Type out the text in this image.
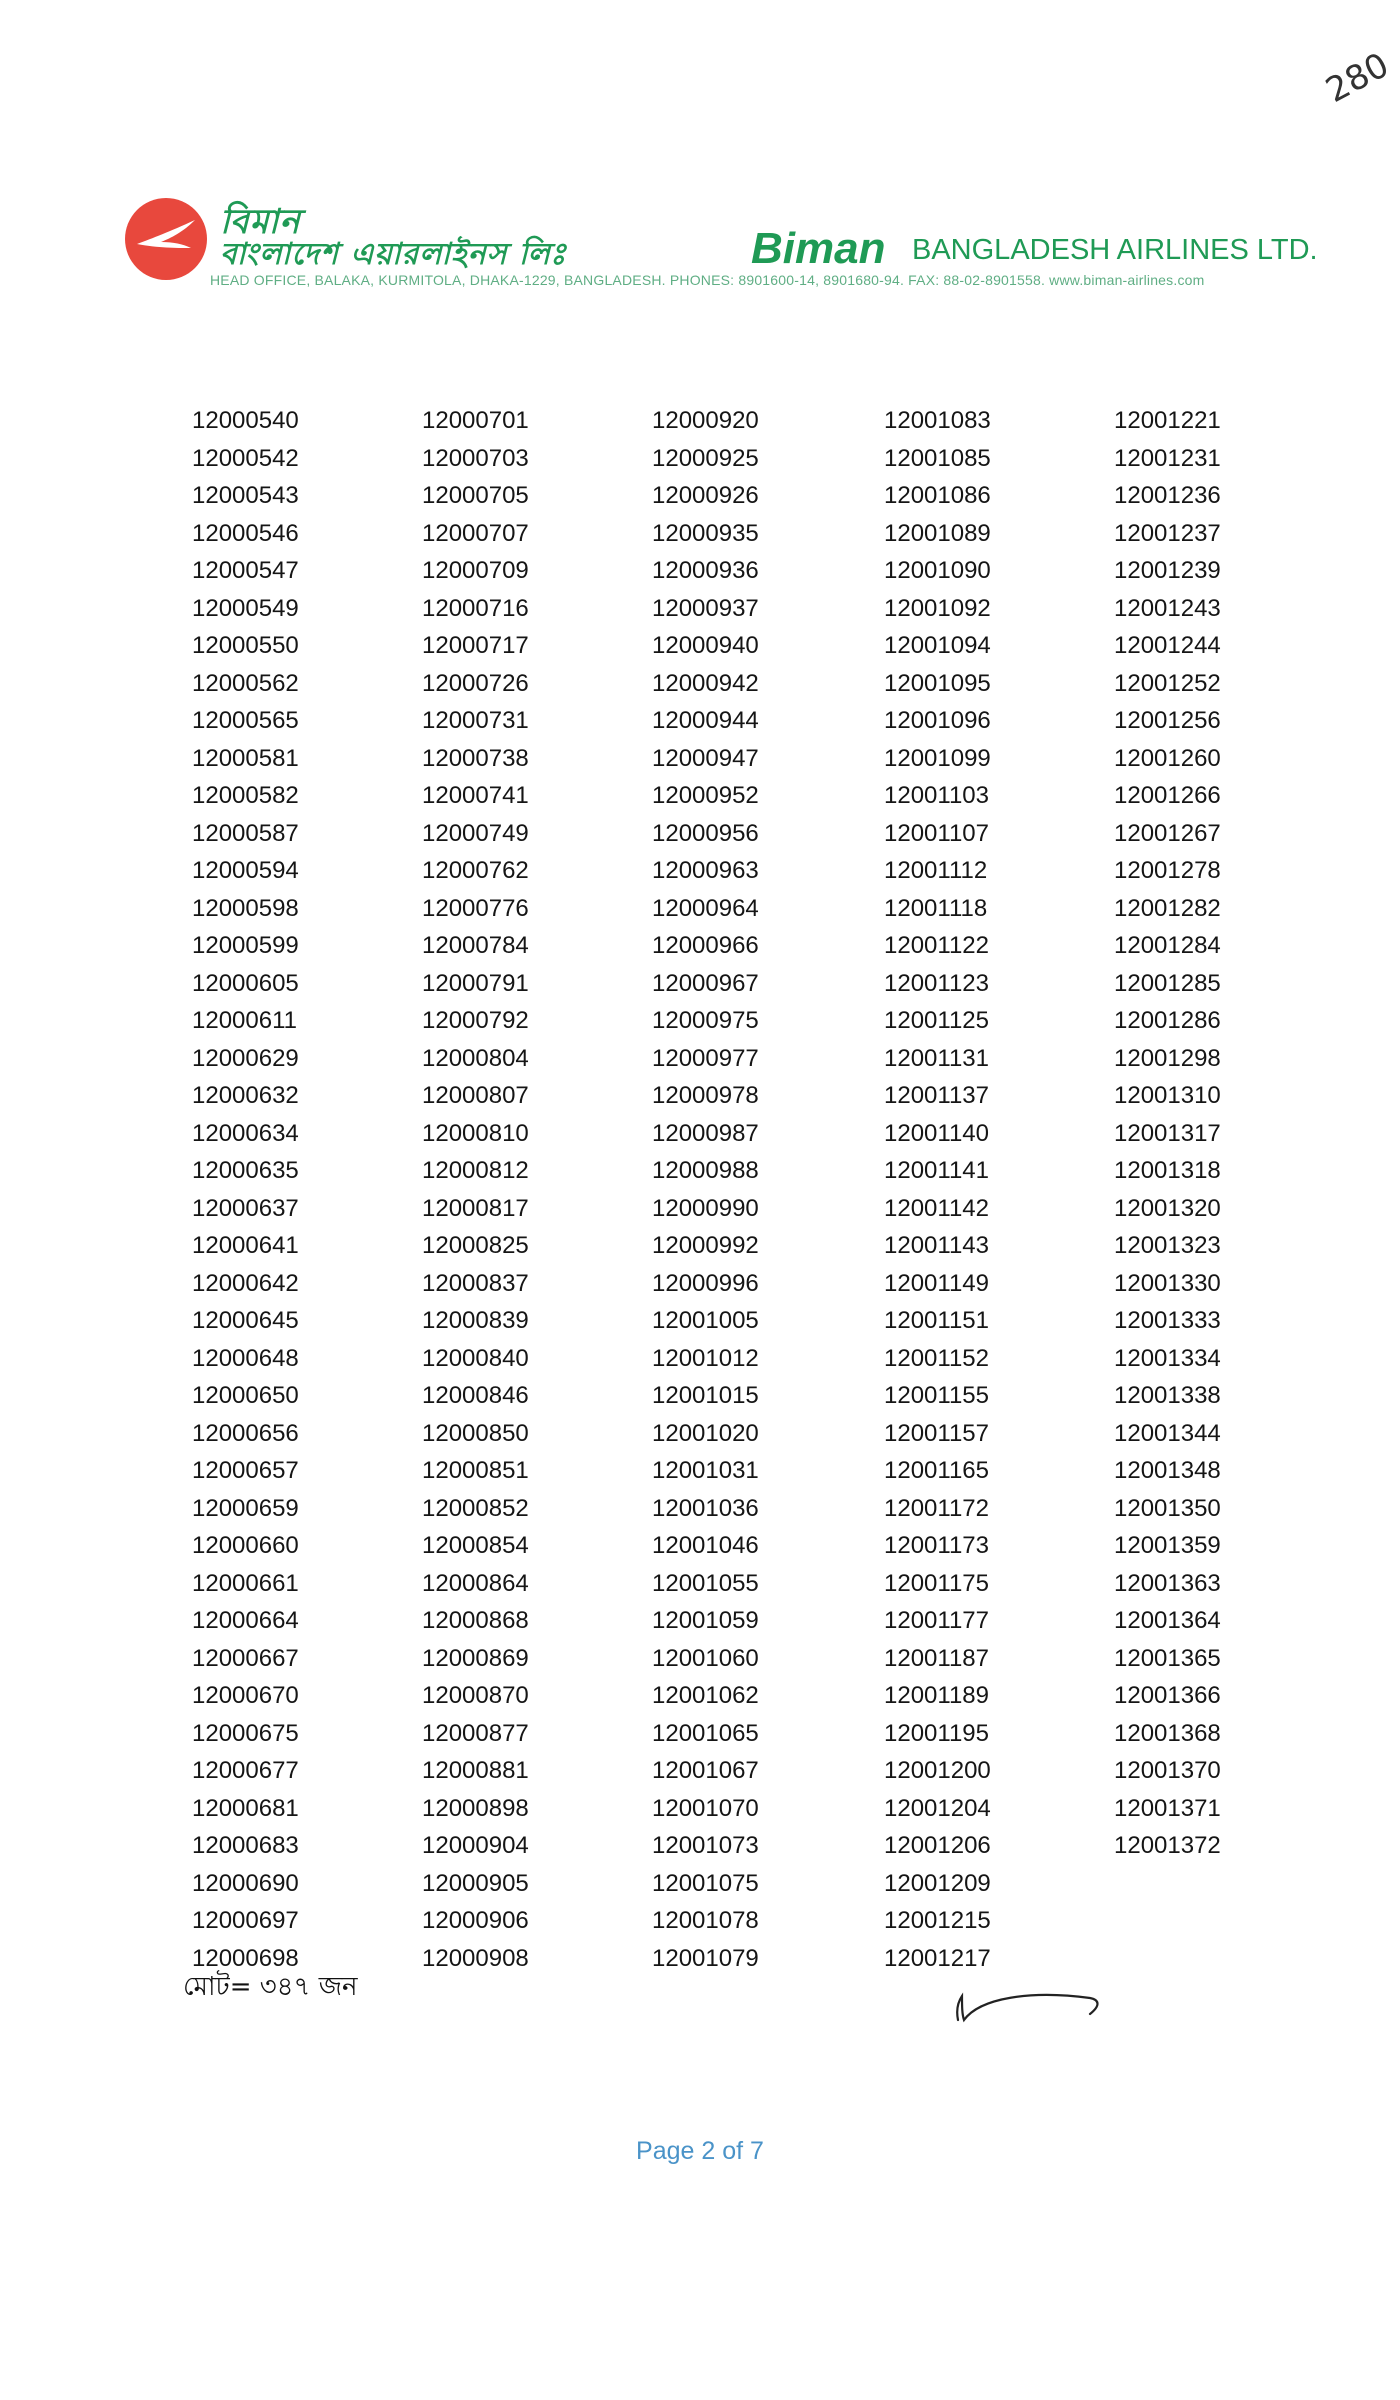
280
বিমান
বাংলাদেশ এয়ারলাইনস লিঃ	Biman BANGLADESH AIRLINES LTD.
HEAD OFFICE, BALAKA, KURMITOLA, DHAKA-1229, BANGLADESH. PHONES: 8901600-14, 8901680-94. FAX: 88-02-8901558. www.biman-airlines.com
12000540
12000542
12000543
12000546
12000547
12000549
12000550
12000562
12000565
12000581
12000582
12000587
12000594
12000598
12000599
12000605
12000611
12000629
12000632
12000634
12000635
12000637
12000641
12000642
12000645
12000648
12000650
12000656
12000657
12000659
12000660
12000661
12000664
12000667
12000670
12000675
12000677
12000681
12000683
12000690
12000697
12000698
12000701
12000703
12000705
12000707
12000709
12000716
12000717
12000726
12000731
12000738
12000741
12000749
12000762
12000776
12000784
12000791
12000792
12000804
12000807
12000810
12000812
12000817
12000825
12000837
12000839
12000840
12000846
12000850
12000851
12000852
12000854
12000864
12000868
12000869
12000870
12000877
12000881
12000898
12000904
12000905
12000906
12000908
12000920
12000925
12000926
12000935
12000936
12000937
12000940
12000942
12000944
12000947
12000952
12000956
12000963
12000964
12000966
12000967
12000975
12000977
12000978
12000987
12000988
12000990
12000992
12000996
12001005
12001012
12001015
12001020
12001031
12001036
12001046
12001055
12001059
12001060
12001062
12001065
12001067
12001070
12001073
12001075
12001078
12001079
12001083
12001085
12001086
12001089
12001090
12001092
12001094
12001095
12001096
12001099
12001103
12001107
12001112
12001118
12001122
12001123
12001125
12001131
12001137
12001140
12001141
12001142
12001143
12001149
12001151
12001152
12001155
12001157
12001165
12001172
12001173
12001175
12001177
12001187
12001189
12001195
12001200
12001204
12001206
12001209
12001215
12001217
12001221
12001231
12001236
12001237
12001239
12001243
12001244
12001252
12001256
12001260
12001266
12001267
12001278
12001282
12001284
12001285
12001286
12001298
12001310
12001317
12001318
12001320
12001323
12001330
12001333
12001334
12001338
12001344
12001348
12001350
12001359
12001363
12001364
12001365
12001366
12001368
12001370
12001371
12001372
মোট= ৩৪৭ জন
Page 2 of 7
